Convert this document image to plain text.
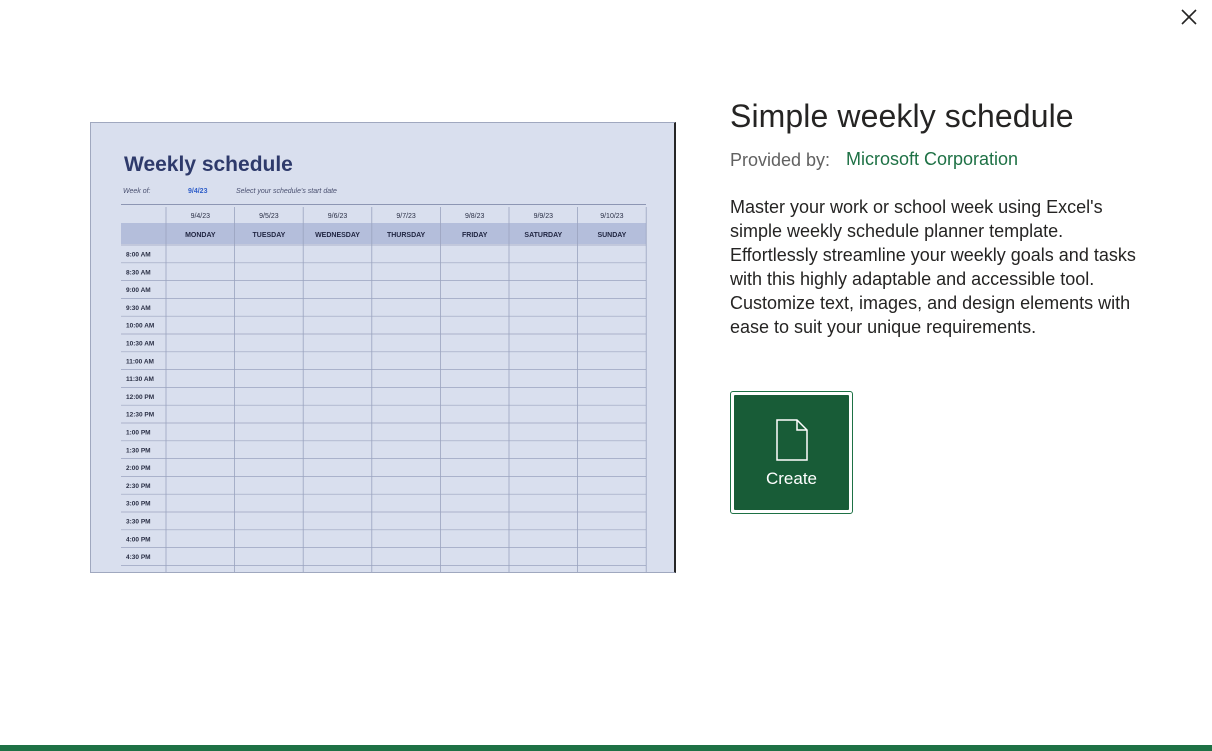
Weekly schedule
Week of:	9/4/23	Select your schedule's start date
9/4/23	9/5/23	9/6/23	9/7/23	9/8/23	9/9/23	9/10/23
MONDAY	TUESDAY	WEDNESDAY	THURSDAY	FRIDAY	SATURDAY	SUNDAY
8:00 AM
8:30 AM
9:00 AM
9:30 AM
10:00 AM
10:30 AM
11:00 AM
11:30 AM
12:00 PM
12:30 PM
1:00 PM
1:30 PM
2:00 PM
2:30 PM
3:00 PM
3:30 PM
4:00 PM
4:30 PM
Simple weekly schedule
Provided by: Microsoft Corporation
Master your work or school week using Excel's simple weekly schedule planner template. Effortlessly streamline your weekly goals and tasks with this highly adaptable and accessible tool. Customize text, images, and design elements with ease to suit your unique requirements.
Create
